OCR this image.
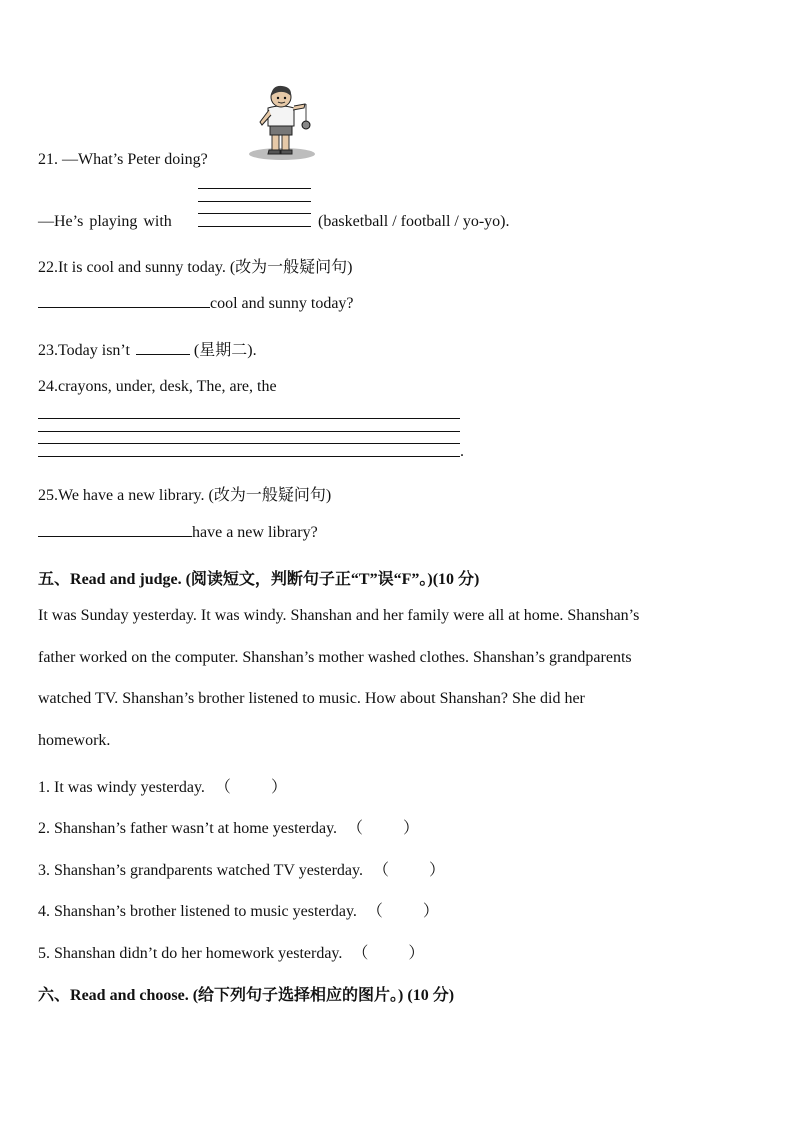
21. —What’s Peter doing?
—He’s playing with	(basketball / football / yo-yo).
22.It is cool and sunny today. (改为一般疑问句)
cool and sunny today?
23.Today isn’t	(星期二).
24.crayons, under, desk, The, are, the
.
25.We have a new library. (改为一般疑问句)
have a new library?
五、Read and judge. (阅读短文，判断句子正“T”误“F”。)(10 分)
It was Sunday yesterday. It was windy. Shanshan and her family were all at home. Shanshan’s
father worked on the computer. Shanshan’s mother washed clothes. Shanshan’s grandparents
watched TV. Shanshan’s brother listened to music. How about Shanshan? She did her
homework.
1. It was windy yesterday. （	）
2. Shanshan’s father wasn’t at home yesterday. （	）
3. Shanshan’s grandparents watched TV yesterday. （	）
4. Shanshan’s brother listened to music yesterday. （	）
5. Shanshan didn’t do her homework yesterday. （	）
六、Read and choose. (给下列句子选择相应的图片。) (10 分)
